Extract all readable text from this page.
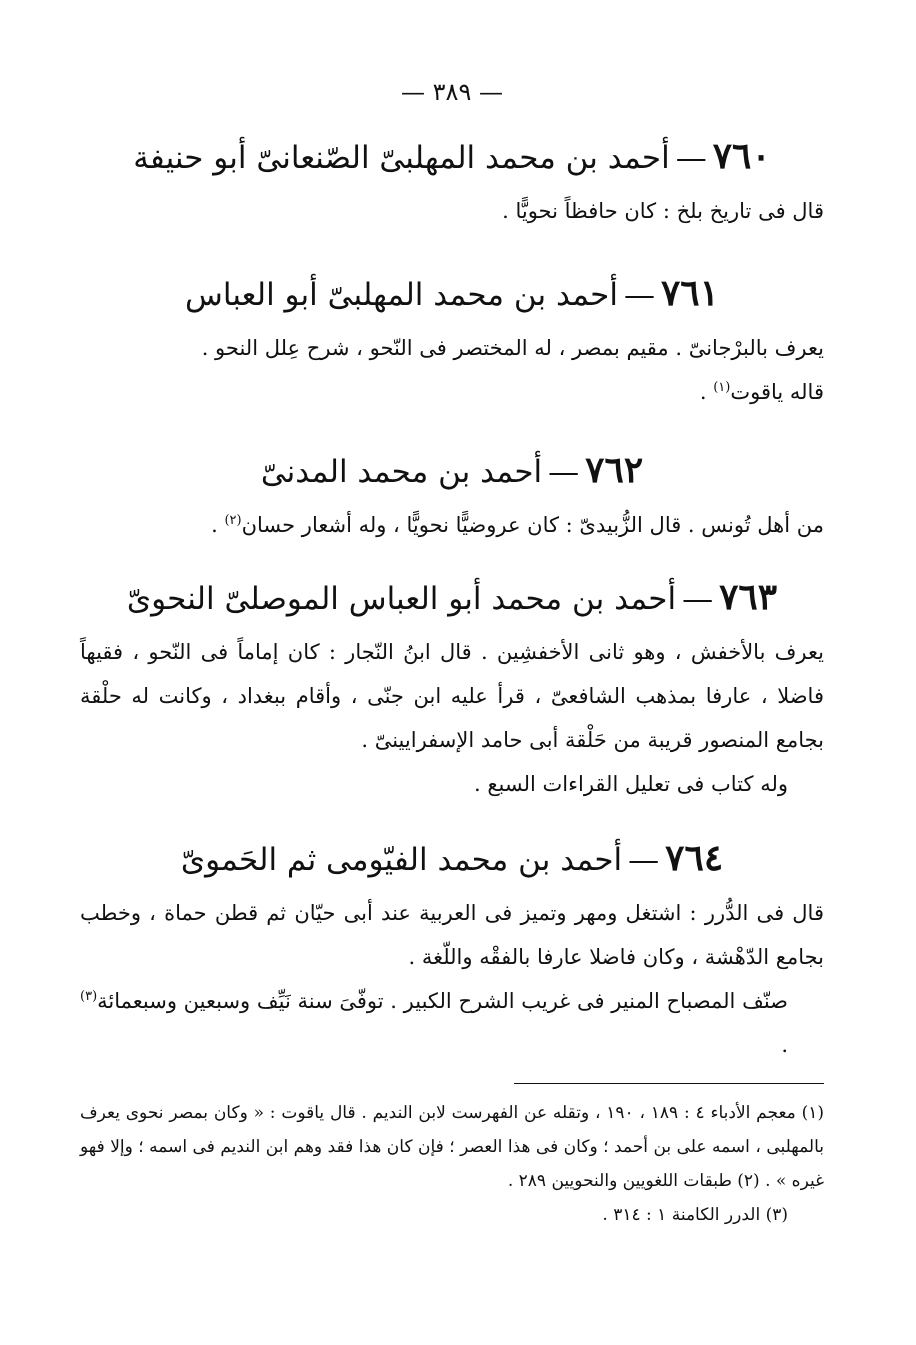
— ٣٨٩ —
٧٦٠—أحمد بن محمد المهلبىّ الصّنعانىّ أبو حنيفة

قال فى تاريخ بلخ : كان حافظاً نحويًّا .

٧٦١—أحمد بن محمد المهلبىّ أبو العباس

يعرف بالبرْجانىّ . مقيم بمصر ، له المختصر فى النّحو ، شرح عِلل النحو .

قاله ياقوت$^{(١)}$ .

٧٦٢—أحمد بن محمد المدنىّ

من أهل تُونس . قال الزُّبيدىّ : كان عروضيًّا نحويًّا ، وله أشعار حسان$^{(٢)}$ .

٧٦٣—أحمد بن محمد أبو العباس الموصلىّ النحوىّ

يعرف بالأخفش ، وهو ثانى الأخفشِين . قال ابنُ النّجار : كان إماماً فى النّحو ، فقيهاً فاضلا ، عارفا بمذهب الشافعىّ ، قرأ عليه ابن جنّى ، وأقام ببغداد ، وكانت له حلْقة بجامع المنصور قريبة من حَلْقة أبى حامد الإسفرايينىّ .

وله كتاب فى تعليل القراءات السبع .

٧٦٤—أحمد بن محمد الفيّومى ثم الحَموىّ

قال فى الدُّرر : اشتغل ومهر وتميز فى العربية عند أبى حيّان ثم قطن حماة ، وخطب بجامع الدّهْشة ، وكان فاضلا عارفا بالفقْه واللّغة .

صنّف المصباح المنير فى غريب الشرح الكبير . توفّىَ سنة نَيِّف وسبعين وسبعمائة$^{(٣)}$ .

(١) معجم الأدباء ٤ : ١٨٩ ، ١٩٠ ، وتقله عن الفهرست لابن النديم . قال ياقوت : « وكان بمصر نحوى يعرف بالمهلبى ، اسمه على بن أحمد ؛ وكان فى هذا العصر ؛ فإن كان هذا فقد وهم ابن النديم فى اسمه ؛ وإلا فهو غيره » . (٢) طبقات اللغويين والنحويين ٢٨٩ .

(٣) الدرر الكامنة ١ : ٣١٤ .
